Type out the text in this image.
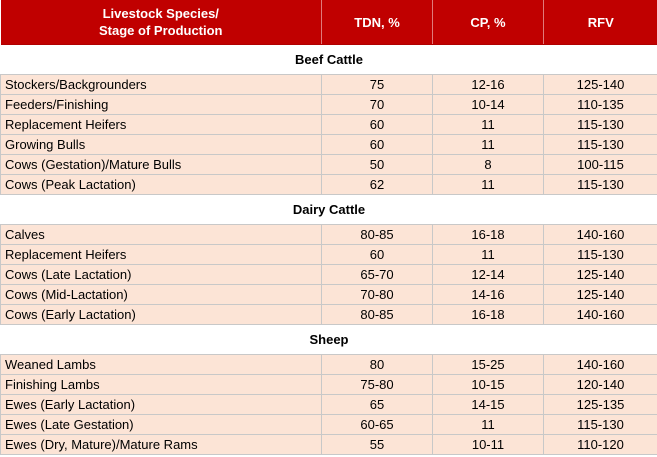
Livestock Species/
Stage of Production	TDN, %	CP, %	RFV
Beef Cattle			
Stockers/Backgrounders	75	12-16	125-140
Feeders/Finishing	70	10-14	110-135
Replacement Heifers	60	11	115-130
Growing Bulls	60	11	115-130
Cows (Gestation)/Mature Bulls	50	8	100-115
Cows (Peak Lactation)	62	11	115-130
Dairy Cattle			
Calves	80-85	16-18	140-160
Replacement Heifers	60	11	115-130
Cows (Late Lactation)	65-70	12-14	125-140
Cows (Mid-Lactation)	70-80	14-16	125-140
Cows (Early Lactation)	80-85	16-18	140-160
Sheep			
Weaned Lambs	80	15-25	140-160
Finishing Lambs	75-80	10-15	120-140
Ewes (Early Lactation)	65	14-15	125-135
Ewes (Late Gestation)	60-65	11	115-130
Ewes (Dry, Mature)/Mature Rams	55	10-11	110-120
